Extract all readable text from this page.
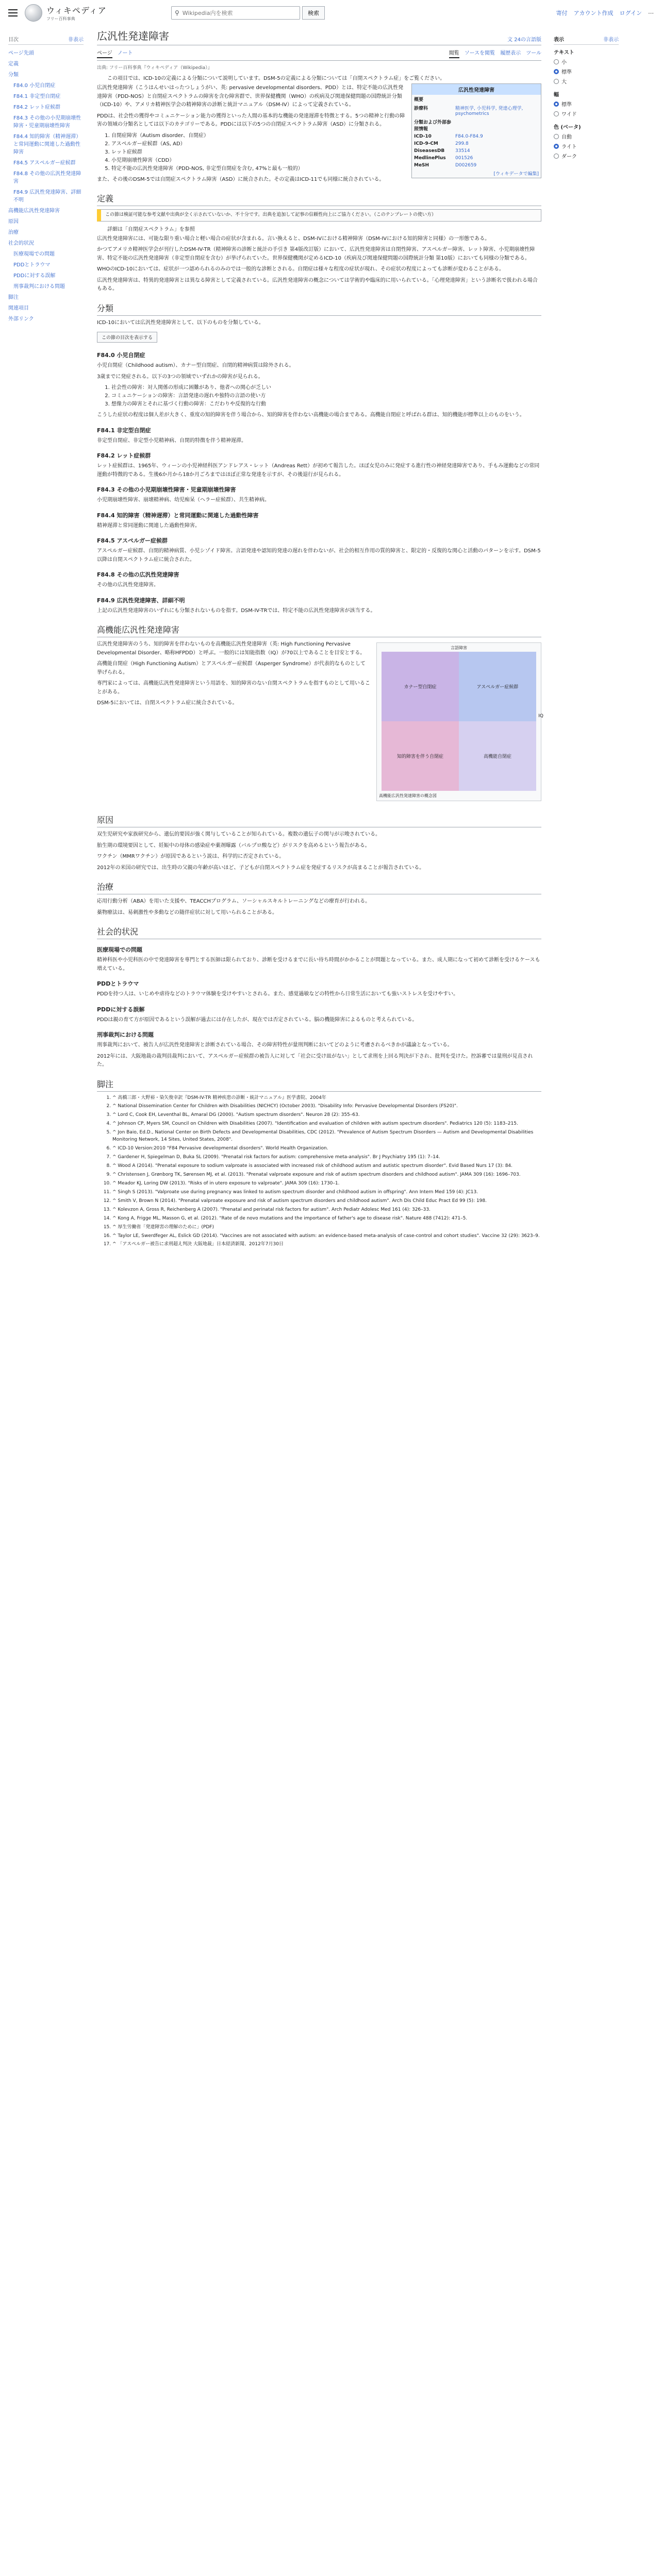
ウィキペディア
フリー百科事典
⚲
Wikipedia内を検索	検索	寄付 アカウント作成 ログイン ⋯
目次	非表示
ページ先頭
定義
分類
F84.0 小児自閉症
F84.1 非定型自閉症
F84.2 レット症候群
F84.3 その他の小児期崩壊性障害・児童期崩壊性障害
F84.4 知的障害（精神遅滞）と常同運動に関連した過動性障害
F84.5 アスペルガー症候群
F84.8 その他の広汎性発達障害
F84.9 広汎性発達障害、詳細不明
高機能広汎性発達障害
原因
治療
社会的状況
医療現場での問題
PDDとトラウマ
PDDに対する誤解
刑事裁判における問題
脚注
関連項目
外部リンク
広汎性発達障害	文 24の言語版
ページ ノート	閲覧 ソースを閲覧 履歴表示 ツール
出典: フリー百科事典『ウィキペディア（Wikipedia）』
この項目では、ICD-10の定義による分類について説明しています。DSM-5の定義による分類については「自閉スペクトラム症」をご覧ください。
広汎性発達障害
概要	
診療科	精神医学, 小児科学, 発達心理学, psychometrics
分類および外部参照情報	
ICD-10	F84.0-F84.9
ICD-9-CM	299.8
DiseasesDB	33514
MedlinePlus	001526
MeSH	D002659
[ウィキデータで編集]

広汎性発達障害（こうはんせいはったつしょうがい、英: pervasive developmental disorders、PDD）とは、特定不能の広汎性発達障害（PDD-NOS）と自閉症スペクトラムの障害を含む障害群で、世界保健機関（WHO）の疾病及び関連保健問題の国際統計分類（ICD-10）や、アメリカ精神医学会の精神障害の診断と統計マニュアル（DSM-IV）によって定義されている。

PDDは、社会性の獲得やコミュニケーション能力の獲得といった人間の基本的な機能の発達遅滞を特徴とする。5つの精神と行動の障害の領域の分類名としては以下のカテゴリーである。PDDには以下の5つの自閉症スペクトラム障害（ASD）に分類される。

1. 自閉症障害（Autism disorder、自閉症）
2. アスペルガー症候群（AS, AD）
3. レット症候群
4. 小児期崩壊性障害（CDD）
5. 特定不能の広汎性発達障害（PDD-NOS, 非定型自閉症を含む, 47%と最も一般的）

また、その後のDSM-5では自閉症スペクトラム障害（ASD）に統合された。その定義はICD-11でも同様に統合されている。

定義
この節は検証可能な参考文献や出典が全く示されていないか、不十分です。出典を追加して記事の信頼性向上にご協力ください。（このテンプレートの使い方）
詳細は「自閉症スペクトラム」を参照

広汎性発達障害には、可能な限り重い場合と軽い場合の症状が含まれる。言い換えると、DSM-IVにおける精神障害（DSM-IVにおける知的障害と同様）の一形態である。

かつてアメリカ精神医学会が刊行したDSM-IV-TR（精神障害の診断と統計の手引き 第4版改訂版）において、広汎性発達障害は自閉性障害、アスペルガー障害、レット障害、小児期崩壊性障害、特定不能の広汎性発達障害（非定型自閉症を含む）が挙げられていた。世界保健機関が定めるICD-10（疾病及び関連保健問題の国際統計分類 第10版）においても同様の分類である。

WHOのICD-10においては、症状が一つ認められるのみのでは一般的な診断とされる。自閉症は様々な程度の症状が現れ、その症状の程度によっても診断が変わることがある。

広汎性発達障害は、特異的発達障害とは異なる障害として定義されている。広汎性発達障害の概念については学術的や臨床的に用いられている。「心理発達障害」という診断名で扱われる場合もある。

分類

ICD-10においては広汎性発達障害として、以下のものを分類している。

この節の目次を表示する
F84.0 小児自閉症

小児自閉症（Childhood autism）、カナー型自閉症、自閉的精神病質は除外される。

3歳までに発症される。以下の3つの領域でいずれかの障害が見られる。

1. 社会性の障害：対人関係の形成に困難があり、他者への関心が乏しい
2. コミュニケーションの障害：言語発達の遅れや独特の言語の使い方
3. 想像力の障害とそれに基づく行動の障害：こだわりや反復的な行動

こうした症状の程度は個人差が大きく、重度の知的障害を伴う場合から、知的障害を伴わない高機能の場合まである。高機能自閉症と呼ばれる群は、知的機能が標準以上のものをいう。

F84.1 非定型自閉症

非定型自閉症、非定型小児精神病、自閉的特徴を伴う精神遅滞。

F84.2 レット症候群

レット症候群は、1965年、ウィーンの小児神経科医アンドレアス・レット（Andreas Rett）が初めて報告した。ほぼ女児のみに発症する進行性の神経発達障害であり、手もみ運動などの常同運動が特徴的である。生後6か月から18か月ごろまではほぼ正常な発達を示すが、その後退行が見られる。

F84.3 その他の小児期崩壊性障害・児童期崩壊性障害

小児期崩壊性障害、崩壊精神病、幼児痴呆（ヘラー症候群）、共生精神病。

F84.4 知的障害（精神遅滞）と常同運動に関連した過動性障害

精神遅滞と常同運動に関連した過動性障害。

F84.5 アスペルガー症候群

アスペルガー症候群、自閉的精神病質、小児シゾイド障害。言語発達や認知的発達の遅れを伴わないが、社会的相互作用の質的障害と、限定的・反復的な関心と活動のパターンを示す。DSM-5以降は自閉スペクトラム症に統合された。

F84.8 その他の広汎性発達障害

その他の広汎性発達障害。

F84.9 広汎性発達障害、詳細不明

上記の広汎性発達障害のいずれにも分類されないものを指す。DSM-IV-TRでは、特定不能の広汎性発達障害が該当する。

高機能広汎性発達障害
言語障害
カナー型自閉症	アスペルガー症候群
知的障害を伴う自閉症	高機能自閉症
IQ
高機能広汎性発達障害の概念図

広汎性発達障害のうち、知的障害を伴わないものを高機能広汎性発達障害（英: High Functioning Pervasive Developmental Disorder、略称HFPDD）と呼ぶ。一般的には知能指数（IQ）が70以上であることを目安とする。

高機能自閉症（High Functioning Autism）とアスペルガー症候群（Asperger Syndrome）が代表的なものとして挙げられる。

専門家によっては、高機能広汎性発達障害という用語を、知的障害のない自閉スペクトラムを指すものとして用いることがある。

DSM-5においては、自閉スペクトラム症に統合されている。

原因

双生児研究や家族研究から、遺伝的要因が強く関与していることが知られている。複数の遺伝子の関与が示唆されている。

胎生期の環境要因として、妊娠中の母体の感染症や薬剤曝露（バルプロ酸など）がリスクを高めるという報告がある。

ワクチン（MMRワクチン）が原因であるという説は、科学的に否定されている。

2012年の米国の研究では、出生時の父親の年齢が高いほど、子どもが自閉スペクトラム症を発症するリスクが高まることが報告されている。

治療

応用行動分析（ABA）を用いた支援や、TEACCHプログラム、ソーシャルスキルトレーニングなどの療育が行われる。

薬物療法は、易刺激性や多動などの随伴症状に対して用いられることがある。

社会的状況
医療現場での問題

精神科医や小児科医の中で発達障害を専門とする医師は限られており、診断を受けるまでに長い待ち時間がかかることが問題となっている。また、成人期になって初めて診断を受けるケースも増えている。

PDDとトラウマ

PDDを持つ人は、いじめや虐待などのトラウマ体験を受けやすいとされる。また、感覚過敏などの特性から日常生活においても強いストレスを受けやすい。

PDDに対する誤解

PDDは親の育て方が原因であるという誤解が過去には存在したが、現在では否定されている。脳の機能障害によるものと考えられている。

刑事裁判における問題

刑事裁判において、被告人が広汎性発達障害と診断されている場合、その障害特性が量刑判断においてどのように考慮されるべきかが議論となっている。

2012年には、大阪地裁の裁判員裁判において、アスペルガー症候群の被告人に対して「社会に受け皿がない」として求刑を上回る判決が下され、批判を受けた。控訴審では量刑が見直された。

脚注
1. ^ 高橋三郎・大野裕・染矢俊幸訳『DSM-IV-TR 精神疾患の診断・統計マニュアル』医学書院、2004年
2. ^ National Dissemination Center for Children with Disabilities (NICHCY) (October 2003). "Disability Info: Pervasive Developmental Disorders (FS20)".
3. ^ Lord C, Cook EH, Leventhal BL, Amaral DG (2000). "Autism spectrum disorders". Neuron 28 (2): 355–63.
4. ^ Johnson CP, Myers SM, Council on Children with Disabilities (2007). "Identification and evaluation of children with autism spectrum disorders". Pediatrics 120 (5): 1183–215.
5. ^ Jon Baio, Ed.D., National Center on Birth Defects and Developmental Disabilities, CDC (2012). "Prevalence of Autism Spectrum Disorders — Autism and Developmental Disabilities Monitoring Network, 14 Sites, United States, 2008".
6. ^ ICD-10 Version:2010 "F84 Pervasive developmental disorders". World Health Organization.
7. ^ Gardener H, Spiegelman D, Buka SL (2009). "Prenatal risk factors for autism: comprehensive meta-analysis". Br J Psychiatry 195 (1): 7–14.
8. ^ Wood A (2014). "Prenatal exposure to sodium valproate is associated with increased risk of childhood autism and autistic spectrum disorder". Evid Based Nurs 17 (3): 84.
9. ^ Christensen J, Grønborg TK, Sørensen MJ, et al. (2013). "Prenatal valproate exposure and risk of autism spectrum disorders and childhood autism". JAMA 309 (16): 1696–703.
10. ^ Meador KJ, Loring DW (2013). "Risks of in utero exposure to valproate". JAMA 309 (16): 1730–1.
11. ^ Singh S (2013). "Valproate use during pregnancy was linked to autism spectrum disorder and childhood autism in offspring". Ann Intern Med 159 (4): JC13.
12. ^ Smith V, Brown N (2014). "Prenatal valproate exposure and risk of autism spectrum disorders and childhood autism". Arch Dis Child Educ Pract Ed 99 (5): 198.
13. ^ Kolevzon A, Gross R, Reichenberg A (2007). "Prenatal and perinatal risk factors for autism". Arch Pediatr Adolesc Med 161 (4): 326–33.
14. ^ Kong A, Frigge ML, Masson G, et al. (2012). "Rate of de novo mutations and the importance of father's age to disease risk". Nature 488 (7412): 471–5.
15. ^ 厚生労働省「発達障害の理解のために」(PDF)
16. ^ Taylor LE, Swerdfeger AL, Eslick GD (2014). "Vaccines are not associated with autism: an evidence-based meta-analysis of case-control and cohort studies". Vaccine 32 (29): 3623–9.
17. ^ 「アスペルガー被告に求刑超え判決 大阪地裁」日本経済新聞、2012年7月30日
表示	非表示
テキスト
小
標準
大
幅
標準
ワイド
色 (ベータ)
自動
ライト
ダーク
